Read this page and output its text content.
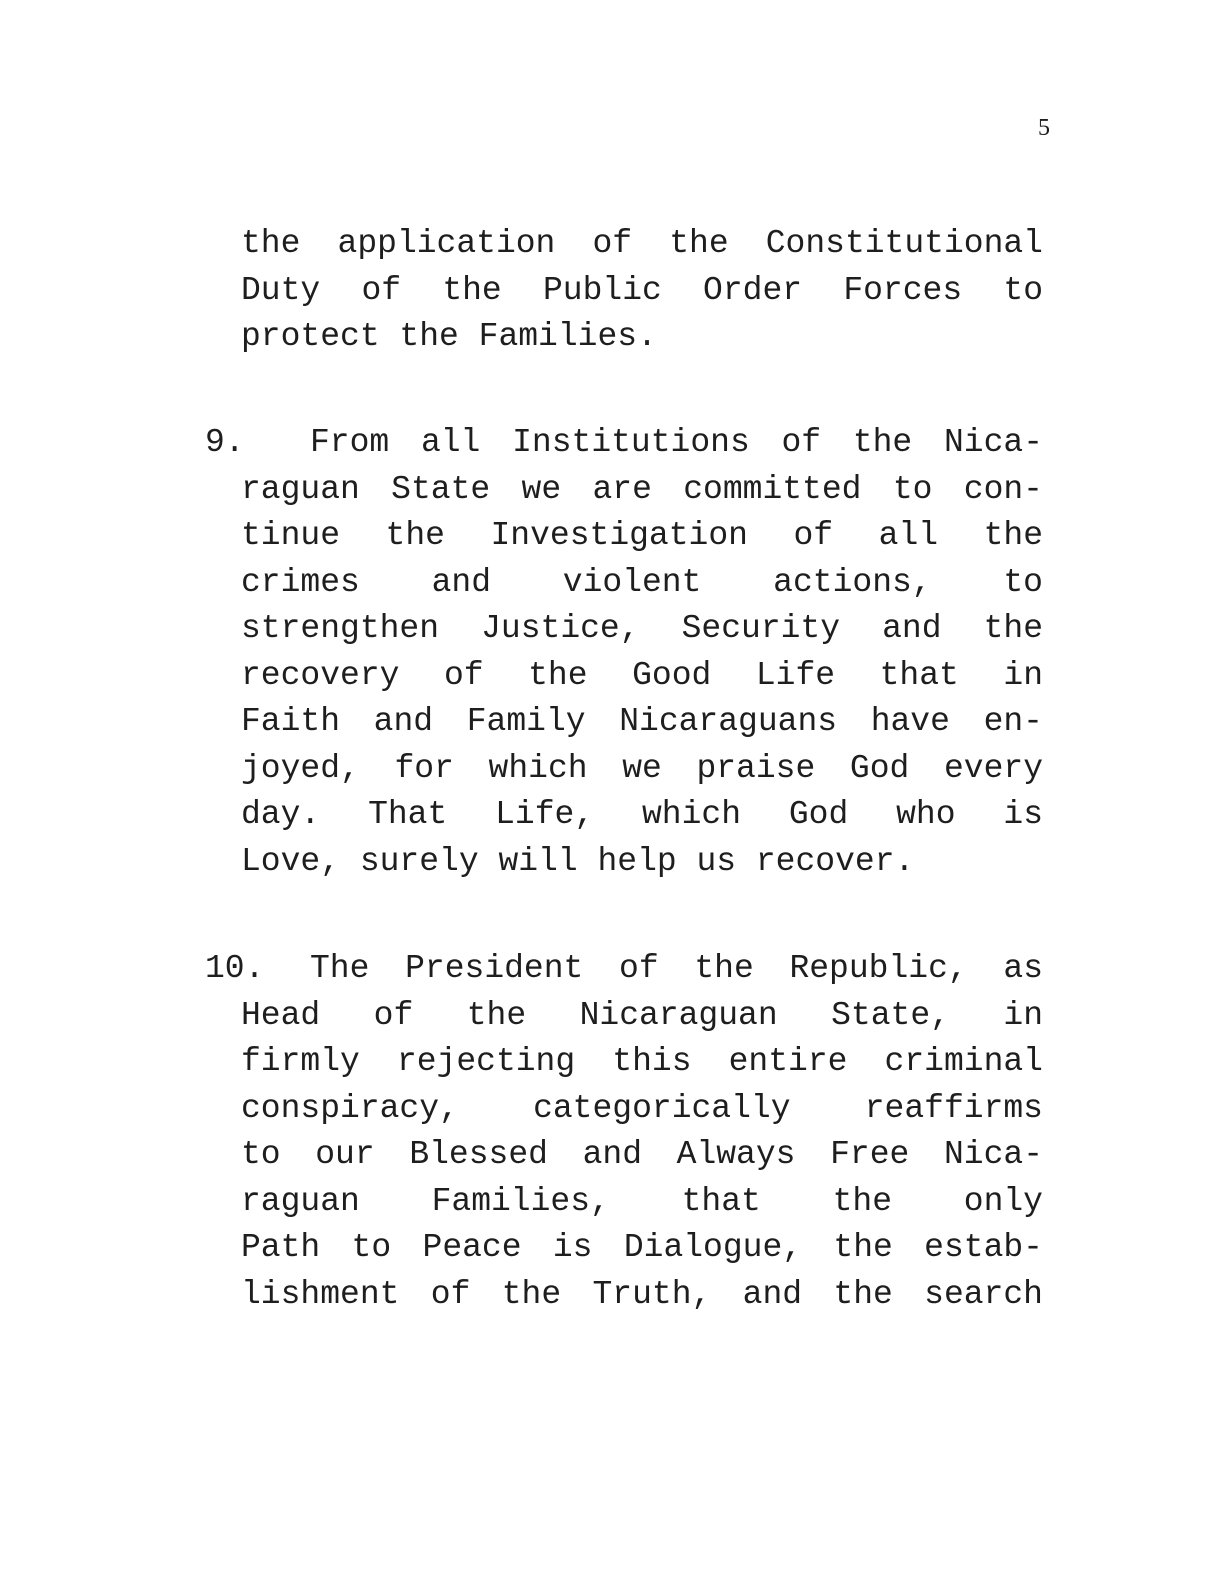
5
the application of the Constitutional
Duty of the Public Order Forces to
protect the Families.
9. From all Institutions of the Nica-
raguan State we are committed to con-
tinue the Investigation of all the
crimes and violent actions, to
strengthen Justice, Security and the
recovery of the Good Life that in
Faith and Family Nicaraguans have en-
joyed, for which we praise God every
day. That Life, which God who is
Love, surely will help us recover.
10. The President of the Republic, as
Head of the Nicaraguan State, in
firmly rejecting this entire criminal
conspiracy, categorically reaffirms
to our Blessed and Always Free Nica-
raguan Families, that the only
Path to Peace is Dialogue, the estab-
lishment of the Truth, and the search
